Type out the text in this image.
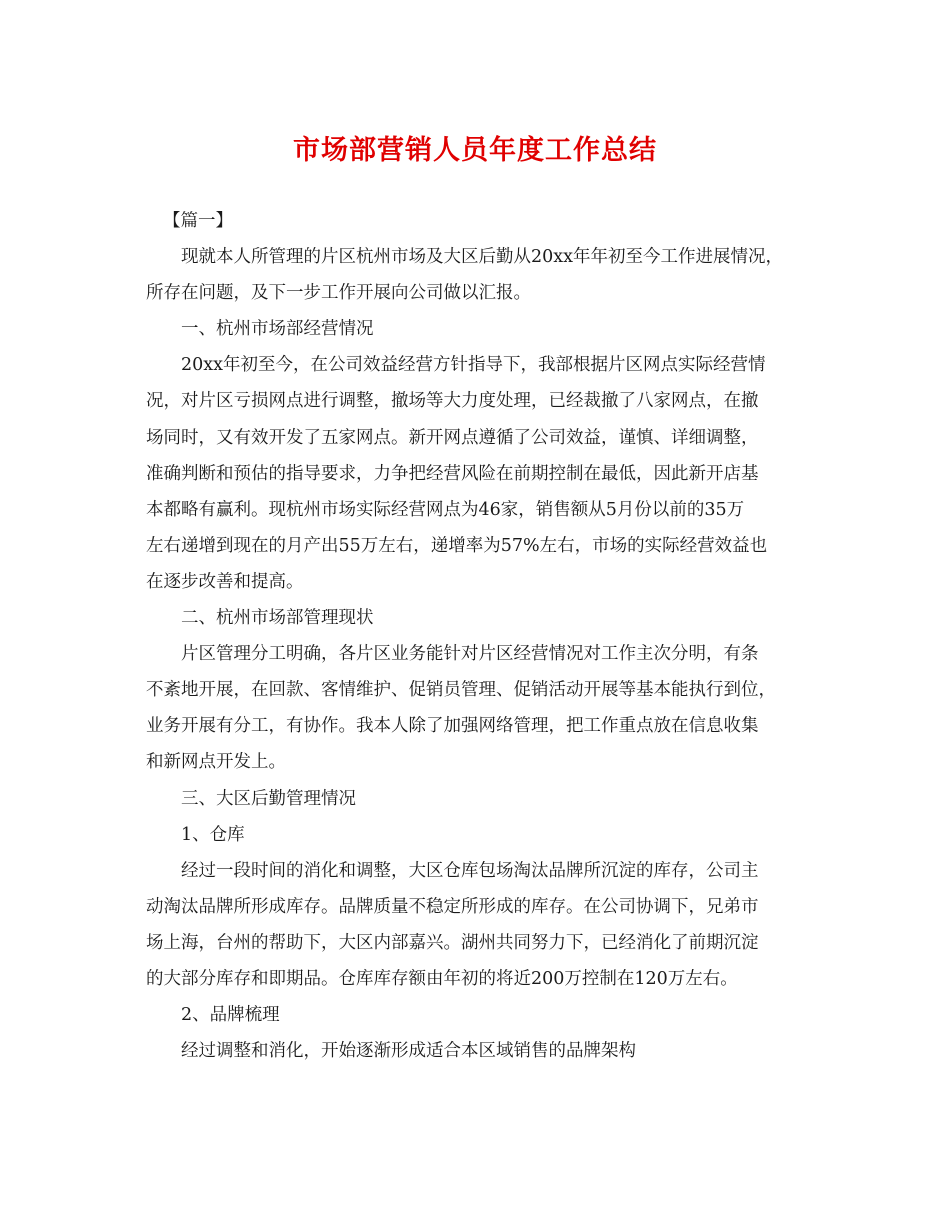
市场部营销人员年度工作总结
【篇一】
现就本人所管理的片区杭州市场及大区后勤从20xx年年初至今工作进展情况，
所存在问题，及下一步工作开展向公司做以汇报。
一、杭州市场部经营情况
20xx年初至今，在公司效益经营方针指导下，我部根据片区网点实际经营情
况，对片区亏损网点进行调整，撤场等大力度处理，已经裁撤了八家网点，在撤
场同时，又有效开发了五家网点。新开网点遵循了公司效益，谨慎、详细调整，
准确判断和预估的指导要求，力争把经营风险在前期控制在最低，因此新开店基
本都略有赢利。现杭州市场实际经营网点为46家，销售额从5月份以前的35万
左右递增到现在的月产出55万左右，递增率为57%左右，市场的实际经营效益也
在逐步改善和提高。
二、杭州市场部管理现状
片区管理分工明确，各片区业务能针对片区经营情况对工作主次分明，有条
不紊地开展，在回款、客情维护、促销员管理、促销活动开展等基本能执行到位，
业务开展有分工，有协作。我本人除了加强网络管理，把工作重点放在信息收集
和新网点开发上。
三、大区后勤管理情况
1、仓库
经过一段时间的消化和调整，大区仓库包场淘汰品牌所沉淀的库存，公司主
动淘汰品牌所形成库存。品牌质量不稳定所形成的库存。在公司协调下，兄弟市
场上海，台州的帮助下，大区内部嘉兴。湖州共同努力下，已经消化了前期沉淀
的大部分库存和即期品。仓库库存额由年初的将近200万控制在120万左右。
2、品牌梳理
经过调整和消化，开始逐渐形成适合本区域销售的品牌架构
